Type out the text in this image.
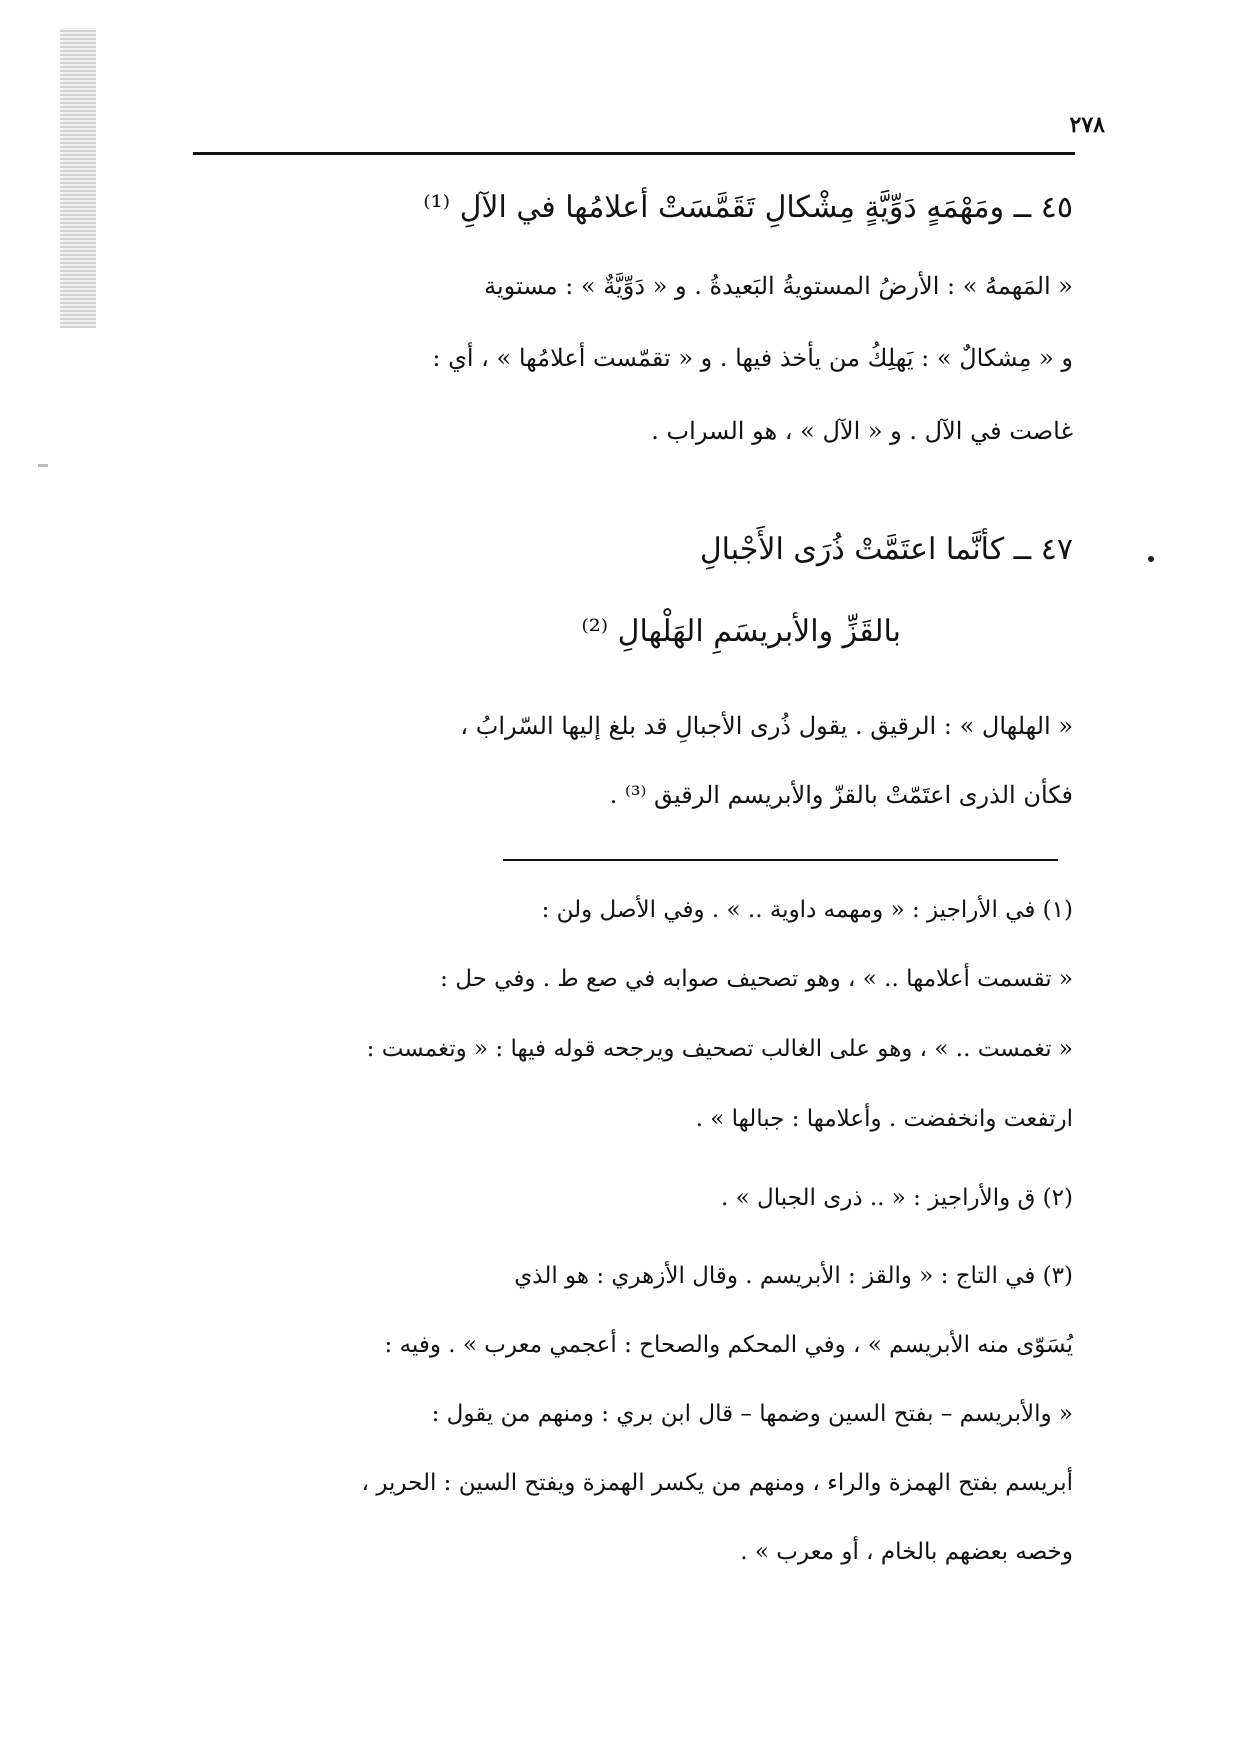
٢٧٨
٤٥ ــ ومَهْمَهٍ دَوِّيَّةٍ مِشْكالِ تَقَمَّسَتْ أعلامُها في الآلِ ⁽¹⁾
« المَهمهُ » : الأرضُ المستويةُ البَعيدةُ . و « دَوِّيَّةٌ » : مستوية
و « مِشكالٌ » : يَهلِكُ من يأخذ فيها . و « تقمّست أعلامُها » ، أي :
غاصت في الآل . و « الآل » ، هو السراب .
٤٧ ــ كأنَّما اعتَمَّتْ ذُرَى الأَجْبالِ
بالقَزِّ والأبريسَمِ الهَلْهالِ ⁽²⁾
« الهلهال » : الرقيق . يقول ذُرى الأجبالِ قد بلغ إليها السّرابُ ،
فكأن الذرى اعتَمّتْ بالقزّ والأبريسم الرقيق ⁽³⁾ .
(١) في الأراجيز : « ومهمه داوية .. » . وفي الأصل ولن :
« تقسمت أعلامها .. » ، وهو تصحيف صوابه في صع ط . وفي حل :
« تغمست .. » ، وهو على الغالب تصحيف ويرجحه قوله فيها : « وتغمست :
ارتفعت وانخفضت . وأعلامها : جبالها » .
(٢) ق والأراجيز : « .. ذرى الجبال » .
(٣) في التاج : « والقز : الأبريسم . وقال الأزهري : هو الذي
يُسَوّى منه الأبريسم » ، وفي المحكم والصحاح : أعجمي معرب » . وفيه :
« والأبريسم – بفتح السين وضمها – قال ابن بري : ومنهم من يقول :
أبريسم بفتح الهمزة والراء ، ومنهم من يكسر الهمزة ويفتح السين : الحرير ،
وخصه بعضهم بالخام ، أو معرب » .
